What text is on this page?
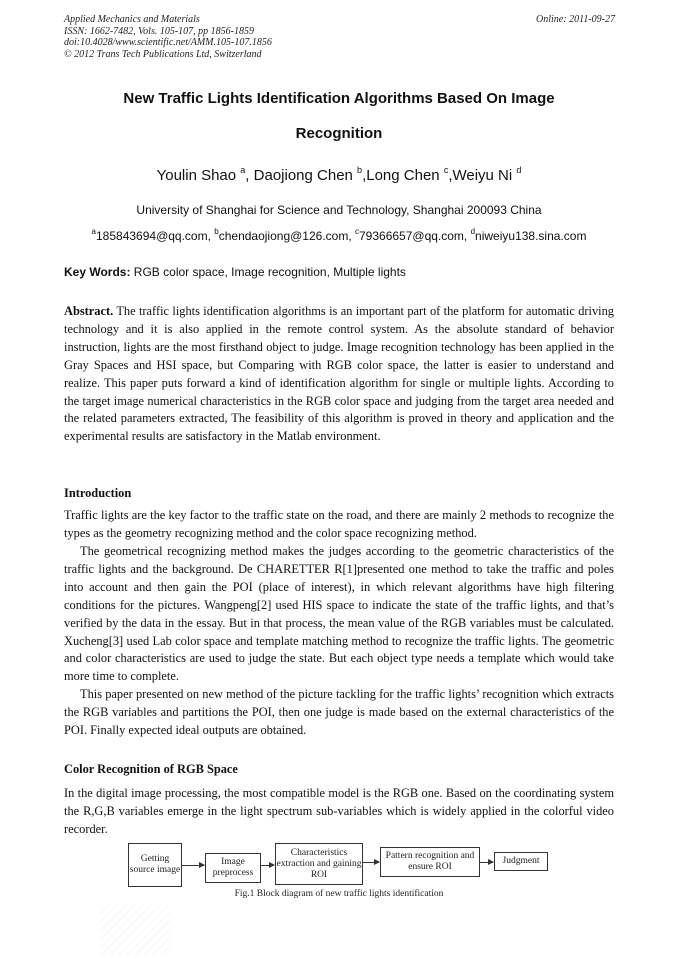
Applied Mechanics and Materials
ISSN: 1662-7482, Vols. 105-107, pp 1856-1859
doi:10.4028/www.scientific.net/AMM.105-107.1856
© 2012 Trans Tech Publications Ltd, Switzerland
Online: 2011-09-27
New Traffic Lights Identification Algorithms Based On Image
Recognition
Youlin Shao $^a$, Daojiong Chen $^b$,Long Chen $^c$,Weiyu Ni $^d$
University of Shanghai for Science and Technology, Shanghai 200093 China
$^a$185843694@qq.com, $^b$chendaojiong@126.com, $^c$79366657@qq.com, $^d$niweiyu138.sina.com
Key Words: RGB color space, Image recognition, Multiple lights

Abstract. The traffic lights identification algorithms is an important part of the platform for automatic driving technology and it is also applied in the remote control system. As the absolute standard of behavior instruction, lights are the most firsthand object to judge. Image recognition technology has been applied in the Gray Spaces and HSI space, but Comparing with RGB color space, the latter is easier to understand and realize. This paper puts forward a kind of identification algorithm for single or multiple lights. According to the target image numerical characteristics in the RGB color space and judging from the target area needed and the related parameters extracted, The feasibility of this algorithm is proved in theory and application and the experimental results are satisfactory in the Matlab environment.

Introduction

Traffic lights are the key factor to the traffic state on the road, and there are mainly 2 methods to recognize the types as the geometry recognizing method and the color space recognizing method.

The geometrical recognizing method makes the judges according to the geometric characteristics of the traffic lights and the background. De CHARETTER R[1]presented one method to take the traffic and poles into account and then gain the POI (place of interest), in which relevant algorithms have high filtering conditions for the pictures. Wangpeng[2] used HIS space to indicate the state of the traffic lights, and that’s verified by the data in the essay. But in that process, the mean value of the RGB variables must be calculated. Xucheng[3] used Lab color space and template matching method to recognize the traffic lights. The geometric and color characteristics are used to judge the state. But each object type needs a template which would take more time to complete.

This paper presented on new method of the picture tackling for the traffic lights’ recognition which extracts the RGB variables and partitions the POI, then one judge is made based on the external characteristics of the POI. Finally expected ideal outputs are obtained.

Color Recognition of RGB Space

In the digital image processing, the most compatible model is the RGB one. Based on the coordinating system the R,G,B variables emerge in the light spectrum sub-variables which is widely applied in the colorful video recorder.

Getting source image
Image preprocess
Characteristics extraction and gaining ROI
Pattern recognition and ensure ROI
Judgment
Fig.1 Block diagram of new traffic lights identification
